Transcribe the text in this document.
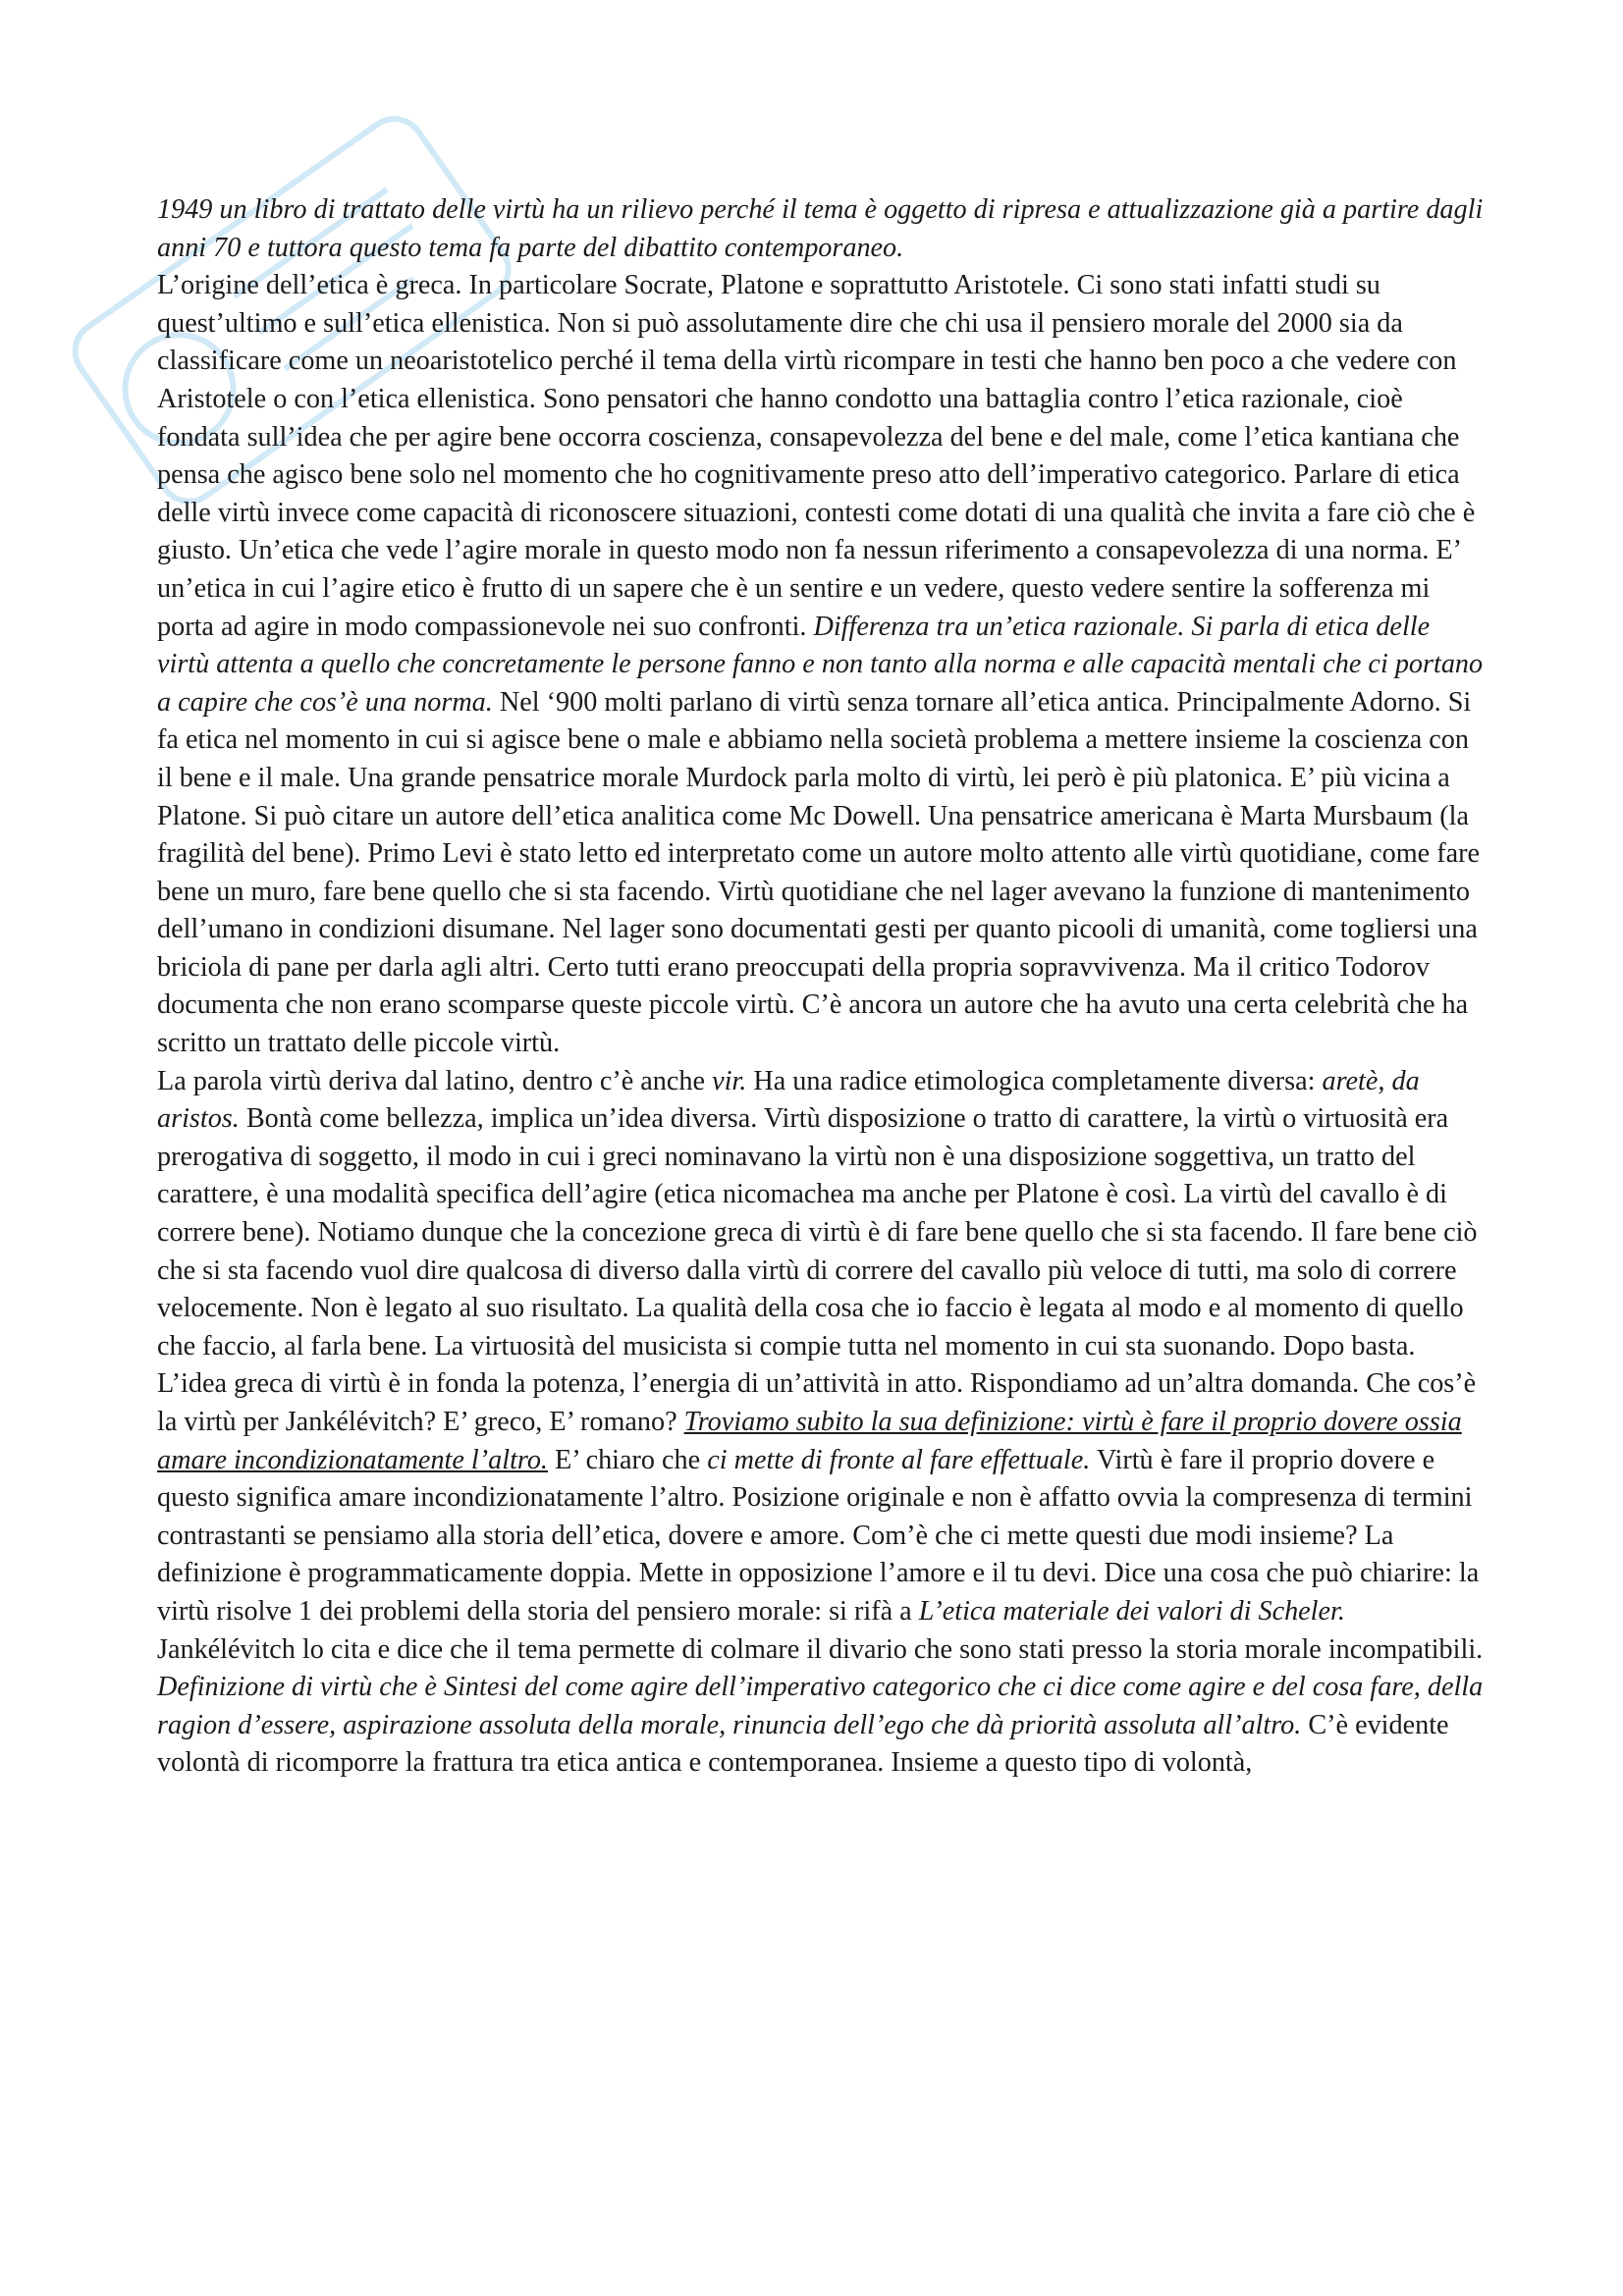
1949 un libro di trattato delle virtù ha un rilievo perché il tema è oggetto di ripresa e attualizzazione già a partire dagli anni 70 e tuttora questo tema fa parte del dibattito contemporaneo.

L’origine dell’etica è greca. In particolare Socrate, Platone e soprattutto Aristotele. Ci sono stati infatti studi su quest’ultimo e sull’etica ellenistica. Non si può assolutamente dire che chi usa il pensiero morale del 2000 sia da classificare come un neoaristotelico perché il tema della virtù ricompare in testi che hanno ben poco a che vedere con Aristotele o con l’etica ellenistica. Sono pensatori che hanno condotto una battaglia contro l’etica razionale, cioè fondata sull’idea che per agire bene occorra coscienza, consapevolezza del bene e del male, come l’etica kantiana che pensa che agisco bene solo nel momento che ho cognitivamente preso atto dell’imperativo categorico. Parlare di etica delle virtù invece come capacità di riconoscere situazioni, contesti come dotati di una qualità che invita a fare ciò che è giusto. Un’etica che vede l’agire morale in questo modo non fa nessun riferimento a consapevolezza di una norma. E’ un’etica in cui l’agire etico è frutto di un sapere che è un sentire e un vedere, questo vedere sentire la sofferenza mi porta ad agire in modo compassionevole nei suo confronti. Differenza tra un’etica razionale. Si parla di etica delle virtù attenta a quello che concretamente le persone fanno e non tanto alla norma e alle capacità mentali che ci portano a capire che cos’è una norma. Nel ‘900 molti parlano di virtù senza tornare all’etica antica. Principalmente Adorno. Si fa etica nel momento in cui si agisce bene o male e abbiamo nella società problema a mettere insieme la coscienza con il bene e il male. Una grande pensatrice morale Murdock parla molto di virtù, lei però è più platonica. E’ più vicina a Platone. Si può citare un autore dell’etica analitica come Mc Dowell. Una pensatrice americana è Marta Mursbaum (la fragilità del bene). Primo Levi è stato letto ed interpretato come un autore molto attento alle virtù quotidiane, come fare bene un muro, fare bene quello che si sta facendo. Virtù quotidiane che nel lager avevano la funzione di mantenimento dell’umano in condizioni disumane. Nel lager sono documentati gesti per quanto picooli di umanità, come togliersi una briciola di pane per darla agli altri. Certo tutti erano preoccupati della propria sopravvivenza. Ma il critico Todorov documenta che non erano scomparse queste piccole virtù. C’è ancora un autore che ha avuto una certa celebrità che ha scritto un trattato delle piccole virtù.

La parola virtù deriva dal latino, dentro c’è anche vir. Ha una radice etimologica completamente diversa: aretè, da aristos. Bontà come bellezza, implica un’idea diversa. Virtù disposizione o tratto di carattere, la virtù o virtuosità era prerogativa di soggetto, il modo in cui i greci nominavano la virtù non è una disposizione soggettiva, un tratto del carattere, è una modalità specifica dell’agire (etica nicomachea ma anche per Platone è così. La virtù del cavallo è di correre bene). Notiamo dunque che la concezione greca di virtù è di fare bene quello che si sta facendo. Il fare bene ciò che si sta facendo vuol dire qualcosa di diverso dalla virtù di correre del cavallo più veloce di tutti, ma solo di correre velocemente. Non è legato al suo risultato. La qualità della cosa che io faccio è legata al modo e al momento di quello che faccio, al farla bene. La virtuosità del musicista si compie tutta nel momento in cui sta suonando. Dopo basta. L’idea greca di virtù è in fonda la potenza, l’energia di un’attività in atto. Rispondiamo ad un’altra domanda. Che cos’è la virtù per Jankélévitch? E’ greco, E’ romano? Troviamo subito la sua definizione: virtù è fare il proprio dovere ossia amare incondizionatamente l’altro. E’ chiaro che ci mette di fronte al fare effettuale. Virtù è fare il proprio dovere e questo significa amare incondizionatamente l’altro. Posizione originale e non è affatto ovvia la compresenza di termini contrastanti se pensiamo alla storia dell’etica, dovere e amore. Com’è che ci mette questi due modi insieme? La definizione è programmaticamente doppia. Mette in opposizione l’amore e il tu devi. Dice una cosa che può chiarire: la virtù risolve 1 dei problemi della storia del pensiero morale: si rifà a L’etica materiale dei valori di Scheler. Jankélévitch lo cita e dice che il tema permette di colmare il divario che sono stati presso la storia morale incompatibili. Definizione di virtù che è Sintesi del come agire dell’imperativo categorico che ci dice come agire e del cosa fare, della ragion d’essere, aspirazione assoluta della morale, rinuncia dell’ego che dà priorità assoluta all’altro. C’è evidente volontà di ricomporre la frattura tra etica antica e contemporanea. Insieme a questo tipo di volontà,
